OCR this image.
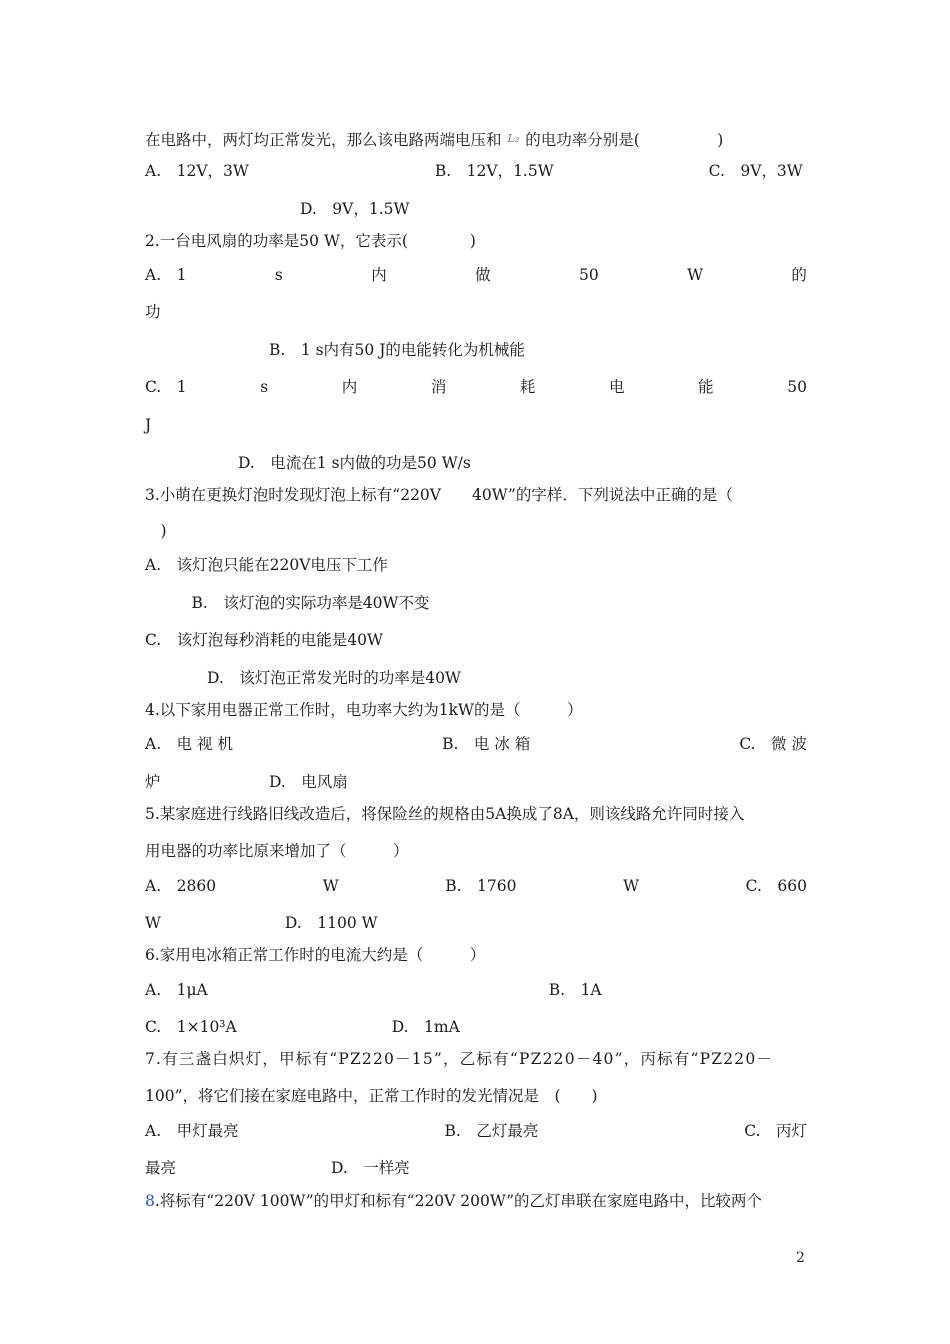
在电路中，两灯均正常发光，那么该电路两端电压和 L₂ 的电功率分别是(　　　　　)
A.　12V，3W　　　　　　　　　　　　B.　12V，1.5W　　　　　　　　　　C.　9V，3W
　　　　　　　　　　D.　9V，1.5W
2.一台电风扇的功率是50 W，它表示(　　　　)
A.　1	s	内	做	50	W	的
功
　　　　　　　　B.　1 s内有50 J的电能转化为机械能
C.　1	s	内	消	耗	电	能	50
J
　　　　　　D.　电流在1 s内做的功是50 W/s
3.小萌在更换灯泡时发现灯泡上标有“220V　　40W”的字样．下列说法中正确的是（
　)
A.　该灯泡只能在220V电压下工作
　　　B.　该灯泡的实际功率是40W不变
C.　该灯泡每秒消耗的电能是40W
　　　　D.　该灯泡正常发光时的功率是40W
4.以下家用电器正常工作时，电功率大约为1kW的是（　　　）
A.　电 视 机	B.　电 冰 箱	C.　微 波
炉　　　　　　　D.　电风扇
5.某家庭进行线路旧线改造后，将保险丝的规格由5A换成了8A，则该线路允许同时接入
用电器的功率比原来增加了（　　　）
A.　2860	W	B.　1760	W	C.　660
W　　　　　　　　D.　1100 W
6.家用电冰箱正常工作时的电流大约是（　　　）
A.　1μA　　　　　　　　　　　　　　　　　　　　　　B.　1A
C.　1×10³A　　　　　　　　　　D.　1mA
7.有三盏白炽灯，甲标有“PZ220－15”，乙标有“PZ220－40”，丙标有“PZ220－
100”，将它们接在家庭电路中，正常工作时的发光情况是　(　　)
A.　甲灯最亮	B.　乙灯最亮	C.　丙灯
最亮　　　　　　　　　　D.　一样亮
8.将标有“220V 100W”的甲灯和标有“220V 200W”的乙灯串联在家庭电路中，比较两个
2
